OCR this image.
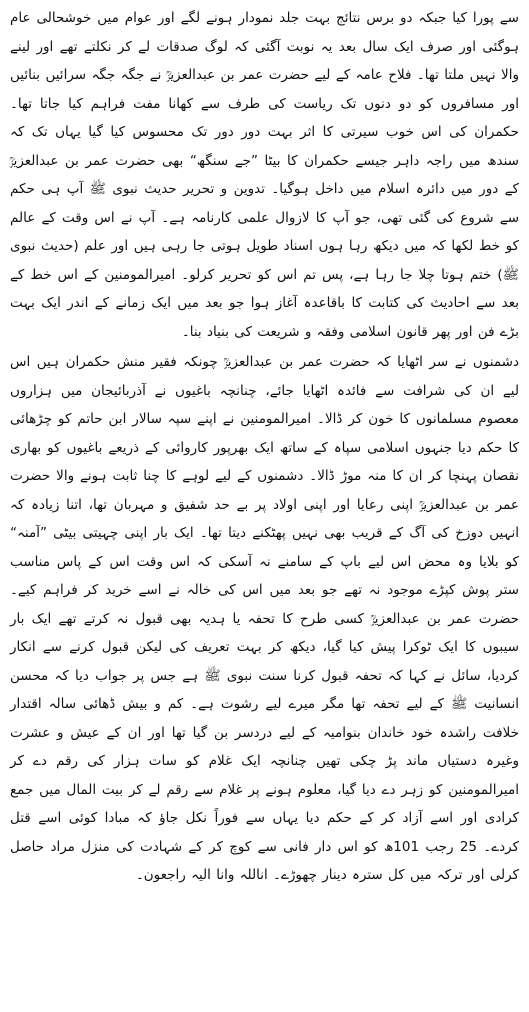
سے پورا کیا جبکہ دو برس نتائج بہت جلد نمودار ہونے لگے اور عوام میں خوشحالی عام ہوگئی اور صرف ایک سال بعد یہ نوبت آگئی کہ لوگ صدقات لے کر نکلتے تھے اور لینے والا نہیں ملتا تھا۔ فلاح عامہ کے لیے حضرت عمر بن عبدالعزیزؒ نے جگہ جگہ سرائیں بنائیں اور مسافروں کو دو دنوں تک ریاست کی طرف سے کھانا مفت فراہم کیا جاتا تھا۔ حکمران کی اس خوب سیرتی کا اثر بہت دور دور تک محسوس کیا گیا یہاں تک کہ سندھ میں راجہ داہر جیسے حکمران کا بیٹا ”جے سنگھ“ بھی حضرت عمر بن عبدالعزیزؒ کے دور میں دائرہ اسلام میں داخل ہوگیا۔ تدوین و تحریر حدیث نبوی ﷺ آپ ہی حکم سے شروع کی گئی تھی، جو آپ کا لازوال علمی کارنامہ ہے۔ آپ نے اس وقت کے عالم کو خط لکھا کہ میں دیکھ رہا ہوں اسناد طویل ہوتی جا رہی ہیں اور علم (حدیث نبوی ﷺ) ختم ہوتا چلا جا رہا ہے، پس تم اس کو تحریر کرلو۔ امیرالمومنین کے اس خط کے بعد سے احادیث کی کتابت کا باقاعدہ آغاز ہوا جو بعد میں ایک زمانے کے اندر ایک بہت بڑے فن اور پھر قانون اسلامی وفقہ و شریعت کی بنیاد بنا۔

دشمنوں نے سر اٹھایا کہ حضرت عمر بن عبدالعزیزؒ چونکہ فقیر منش حکمران ہیں اس لیے ان کی شرافت سے فائدہ اٹھایا جائے، چنانچہ باغیوں نے آذربائیجان میں ہزاروں معصوم مسلمانوں کا خون کر ڈالا۔ امیرالمومنین نے اپنے سپہ سالار ابن حاتم کو چڑھائی کا حکم دیا جنہوں اسلامی سپاہ کے ساتھ ایک بھرپور کاروائی کے ذریعے باغیوں کو بھاری نقصان پہنچا کر ان کا منہ موڑ ڈالا۔ دشمنوں کے لیے لوہے کا چنا ثابت ہونے والا حضرت عمر بن عبدالعزیزؒ اپنی رعایا اور اپنی اولاد پر بے حد شفیق و مہربان تھا، اتنا زیادہ کہ انہیں دوزخ کی آگ کے قریب بھی نہیں پھٹکنے دیتا تھا۔ ایک بار اپنی چہیتی بیٹی ”آمنہ“ کو بلایا وہ محض اس لیے باپ کے سامنے نہ آسکی کہ اس وقت اس کے پاس مناسب ستر پوش کپڑے موجود نہ تھے جو بعد میں اس کی خالہ نے اسے خرید کر فراہم کیے۔ حضرت عمر بن عبدالعزیزؒ کسی طرح کا تحفہ یا ہدیہ بھی قبول نہ کرتے تھے ایک بار سیبوں کا ایک ٹوکرا پیش کیا گیا، دیکھ کر بہت تعریف کی لیکن قبول کرنے سے انکار کردیا، سائل نے کہا کہ تحفہ قبول کرنا سنت نبوی ﷺ ہے جس پر جواب دیا کہ محسن انسانیت ﷺ کے لیے تحفہ تھا مگر میرے لیے رشوت ہے۔ کم و بیش ڈھائی سالہ اقتدار خلافت راشدہ خود خاندان بنوامیہ کے لیے دردسر بن گیا تھا اور ان کے عیش و عشرت وغیرہ دستیاں ماند پڑ چکی تھیں چنانچہ ایک غلام کو سات ہزار کی رقم دے کر امیرالمومنین کو زہر دے دیا گیا، معلوم ہونے پر غلام سے رقم لے کر بیت المال میں جمع کرادی اور اسے آزاد کر کے حکم دیا یہاں سے فوراً نکل جاؤ کہ مبادا کوئی اسے قتل کردے۔ 25 رجب 101ھ کو اس دار فانی سے کوچ کر کے شہادت کی منزل مراد حاصل کرلی اور ترکہ میں کل سترہ دینار چھوڑے۔ اناللہ وانا الیہ راجعون۔
